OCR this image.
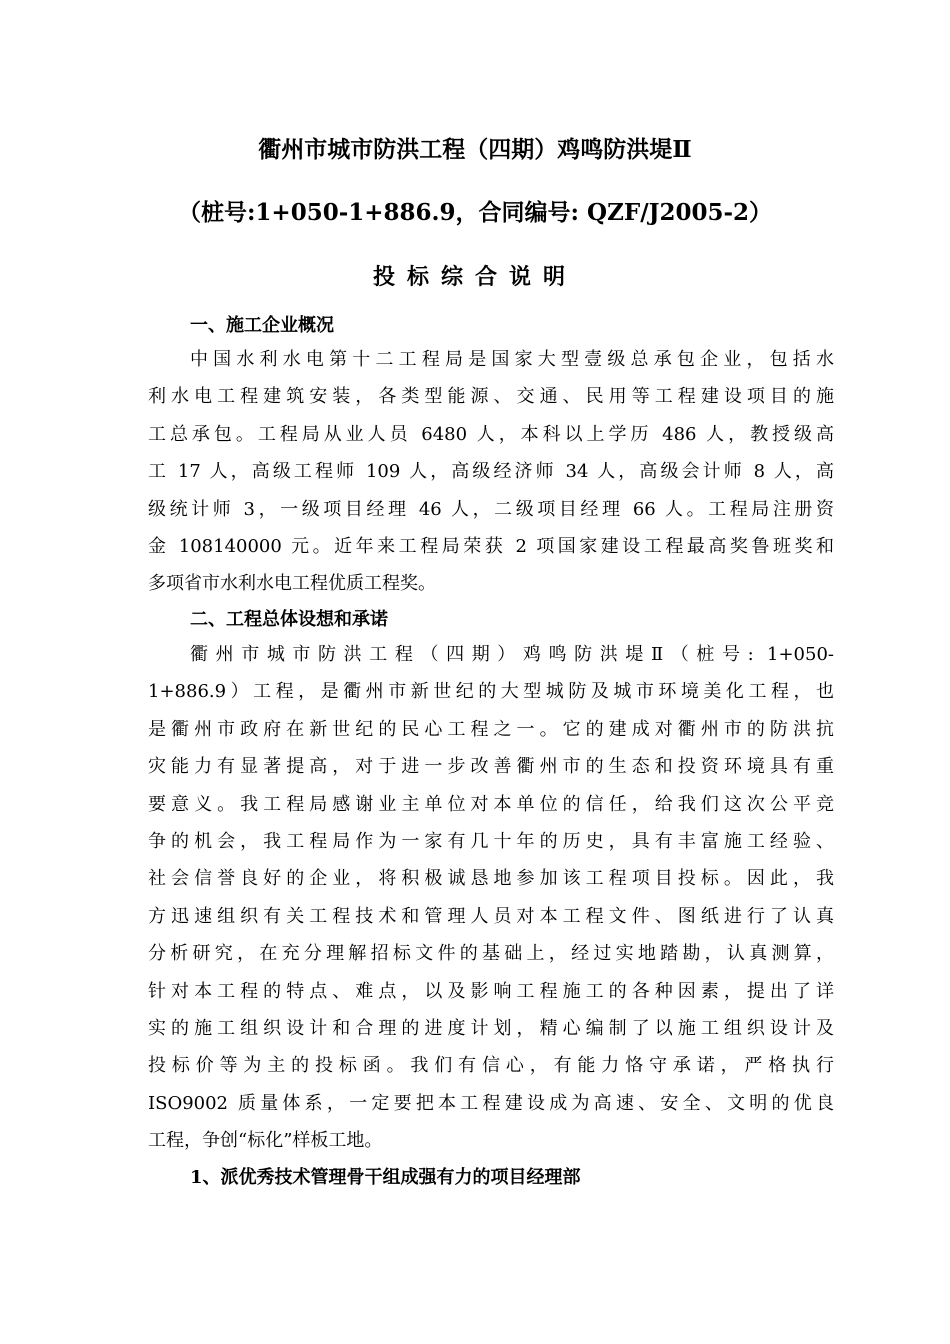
衢州市城市防洪工程（四期）鸡鸣防洪堤Ⅱ
（桩号:1+050-1+886.9，合同编号: QZF/J2005-2）
投标综合说明
一、施工企业概况
中国水利水电第十二工程局是国家大型壹级总承包企业，包括水
利水电工程建筑安装，各类型能源、交通、民用等工程建设项目的施
工总承包。工程局从业人员 6480 人，本科以上学历 486 人，教授级高
工 17 人，高级工程师 109 人，高级经济师 34 人，高级会计师 8 人，高
级统计师 3，一级项目经理 46 人，二级项目经理 66 人。工程局注册资
金 108140000 元。近年来工程局荣获 2 项国家建设工程最高奖鲁班奖和
多项省市水利水电工程优质工程奖。
二、工程总体设想和承诺
衢州市城市防洪工程（四期）鸡鸣防洪堤Ⅱ（桩号: 1+050-
1+886.9）工程，是衢州市新世纪的大型城防及城市环境美化工程，也
是衢州市政府在新世纪的民心工程之一。它的建成对衢州市的防洪抗
灾能力有显著提高，对于进一步改善衢州市的生态和投资环境具有重
要意义。我工程局感谢业主单位对本单位的信任，给我们这次公平竞
争的机会，我工程局作为一家有几十年的历史，具有丰富施工经验、
社会信誉良好的企业，将积极诚恳地参加该工程项目投标。因此，我
方迅速组织有关工程技术和管理人员对本工程文件、图纸进行了认真
分析研究，在充分理解招标文件的基础上，经过实地踏勘，认真测算，
针对本工程的特点、难点，以及影响工程施工的各种因素，提出了详
实的施工组织设计和合理的进度计划，精心编制了以施工组织设计及
投标价等为主的投标函。我们有信心，有能力恪守承诺，严格执行
ISO9002 质量体系，一定要把本工程建设成为高速、安全、文明的优良
工程，争创“标化”样板工地。
1、派优秀技术管理骨干组成强有力的项目经理部
